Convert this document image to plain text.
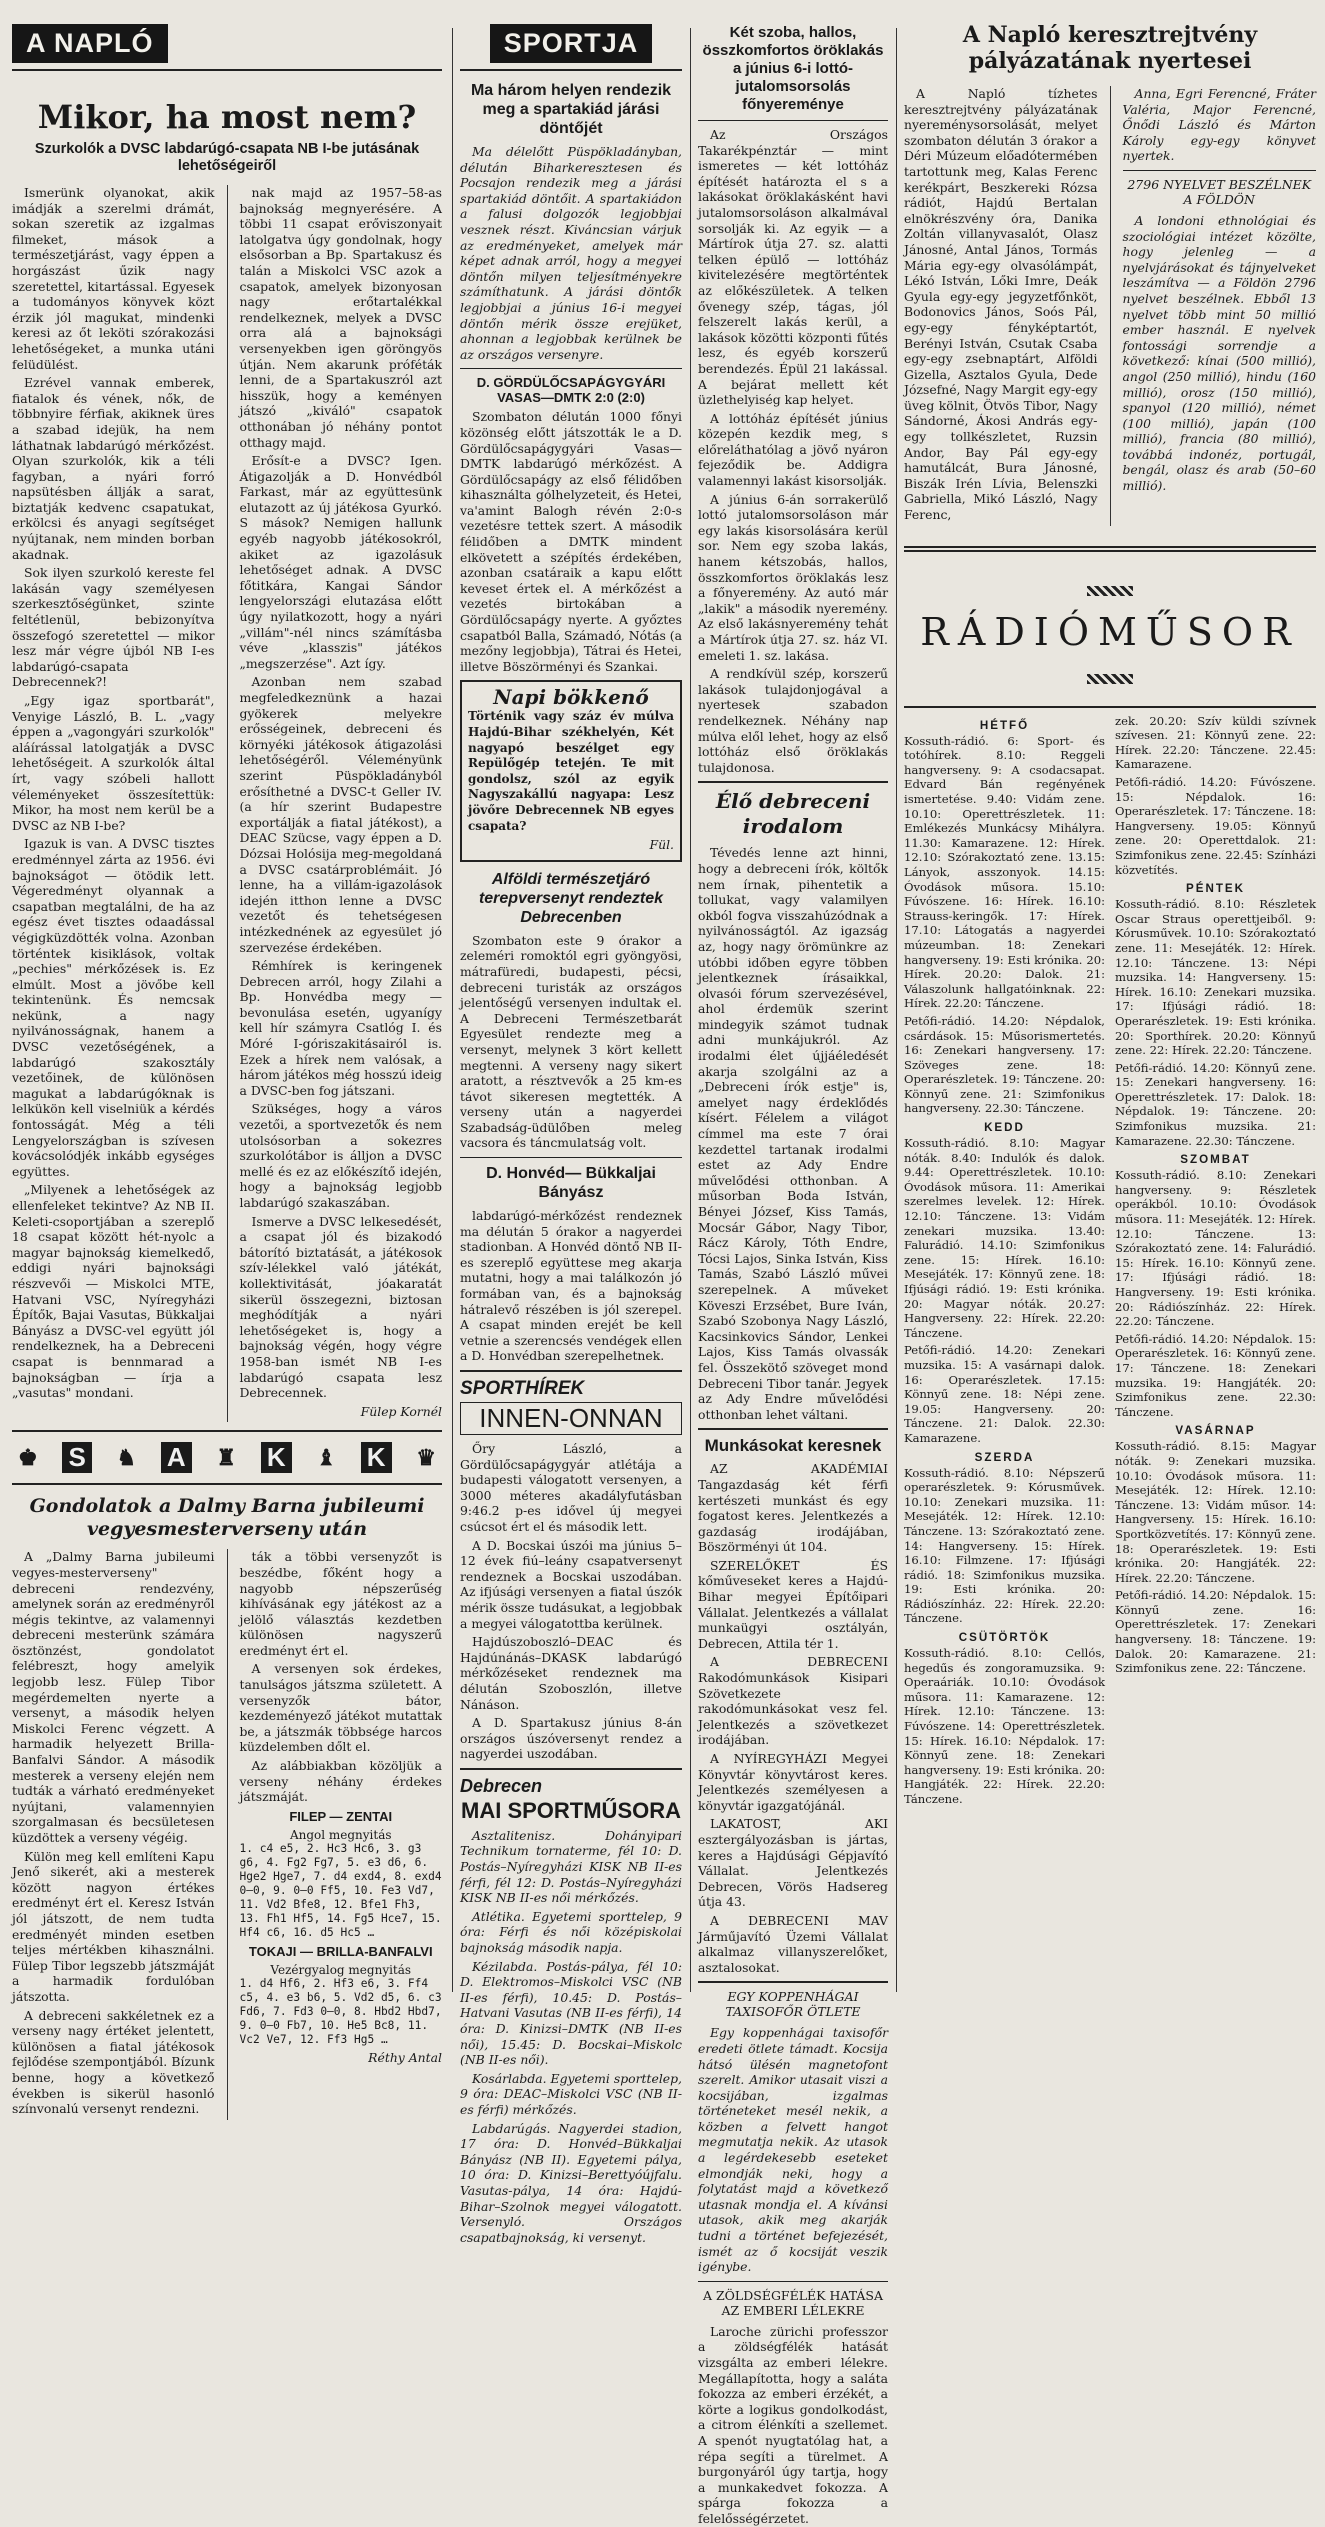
A NAPLÓ
Mikor, ha most nem?
Szurkolók a DVSC labdarúgó-csapata NB I-be jutásának lehetőségeiről

Ismerünk olyanokat, akik imádják a szerelmi drámát, sokan szeretik az izgalmas filmeket, mások a természetjárást, vagy éppen a horgászást űzik nagy szeretettel, kitartással. Egyesek a tudományos könyvek közt érzik jól magukat, mindenki keresi az őt leköti szórakozási lehetőségeket, a munka utáni felüdülést.

Ezrével vannak emberek, fiatalok és vének, nők, de többnyire férfiak, akiknek üres a szabad idejük, ha nem láthatnak labdarúgó mérkőzést. Olyan szurkolók, kik a téli fagyban, a nyári forró napsütésben állják a sarat, biztatják kedvenc csapatukat, erkölcsi és anyagi segítséget nyújtanak, nem minden borban akadnak.

Sok ilyen szurkoló kereste fel lakásán vagy személyesen szerkesztőségünket, szinte feltétlenül, bebizonyítva összefogó szeretettel — mikor lesz már végre újból NB I-es labdarúgó-csapata Debrecennek?!

„Egy igaz sportbarát", Venyige László, B. L. „vagy éppen a „vagongyári szurkolók" aláírással latolgatják a DVSC lehetőségeit. A szurkolók által írt, vagy szóbeli hallott véleményeket összesítettük: Mikor, ha most nem kerül be a DVSC az NB I-be?

Igazuk is van. A DVSC tisztes eredménnyel zárta az 1956. évi bajnokságot — ötödik lett. Végeredményt olyannak a csapatban megtalálni, de ha az egész évet tisztes odaadással végigküzdötték volna. Azonban történtek kisiklások, voltak „pechies" mérkőzések is. Ez elmúlt. Most a jövőbe kell tekintenünk. És nemcsak nekünk, a nagy nyilvánosságnak, hanem a DVSC vezetőségének, a labdarúgó szakosztály vezetőinek, de különösen magukat a labdarúgóknak is lelkükön kell viselniük a kérdés fontosságát. Még a téli Lengyelországban is szívesen kovácsolódjék inkább egységes együttes.

„Milyenek a lehetőségek az ellenfeleket tekintve? Az NB II. Keleti-csoportjában a szereplő 18 csapat között hét-nyolc a magyar bajnokság kiemelkedő, eddigi nyári bajnoksági részvevői — Miskolci MTE, Hatvani VSC, Nyíregyházi Építők, Bajai Vasutas, Bükkaljai Bányász a DVSC-vel együtt jól rendelkeznek, ha a Debreceni csapat is bennmarad a bajnokságban — írja a „vasutas" mondani.

nak majd az 1957–58-as bajnokság megnyerésére. A többi 11 csapat erőviszonyait latolgatva úgy gondolnak, hogy elsősorban a Bp. Spartakusz és talán a Miskolci VSC azok a csapatok, amelyek bizonyosan nagy erőtartalékkal rendelkeznek, melyek a DVSC orra alá a bajnoksági versenyekben igen göröngyös útján. Nem akarunk próféták lenni, de a Spartakuszról azt hisszük, hogy a keményen játszó „kiváló" csapatok otthonában jó néhány pontot otthagy majd.

Erősít-e a DVSC? Igen. Átigazolják a D. Honvédból Farkast, már az együttesünk elutazott az új játékosa Gyurkó. S mások? Nemigen hallunk egyéb nagyobb játékosokról, akiket az igazolásuk lehetőséget adnak. A DVSC főtitkára, Kangai Sándor lengyelországi elutazása előtt úgy nyilatkozott, hogy a nyári „villám"-nél nincs számításba véve „klasszis" játékos „megszerzése". Azt így.

Azonban nem szabad megfeledkeznünk a hazai gyökerek melyekre erősségeinek, debreceni és környéki játékosok átigazolási lehetőségéről. Véleményünk szerint Püspökladányból erősíthetné a DVSC-t Geller IV. (a hír szerint Budapestre exportálják a fiatal játékost), a DEAC Szücse, vagy éppen a D. Dózsai Holósija meg-megoldaná a DVSC csatárproblémáit. Jó lenne, ha a villám-igazolások idején itthon lenne a DVSC vezetőt és tehetségesen intézkednének az egyesület jó szervezése érdekében.

Rémhírek is keringenek Debrecen arról, hogy Zilahi a Bp. Honvédba megy — bevonulása esetén, ugyanígy kell hír számyra Csatlóg I. és Móré I-góriszakitásairól is. Ezek a hírek nem valósak, a három játékos még hosszú ideig a DVSC-ben fog játszani.

Szükséges, hogy a város vezetői, a sportvezetők és nem utolsósorban a sokezres szurkolótábor is álljon a DVSC mellé és ez az előkészítő idején, hogy a bajnokság legjobb labdarúgó szakaszában.

Ismerve a DVSC lelkesedését, a csapat jól és bizakodó bátorító biztatását, a játékosok szív-lélekkel való játékát, kollektivitását, jóakaratát sikerül összegezni, biztosan meghódítják a nyári lehetőségeket is, hogy a bajnokság végén, hogy végre 1958-ban ismét NB I-es labdarúgó csapata lesz Debrecennek.

Fülep Kornél

♚ S ♞ A ♜ K ♝ K ♛
Gondolatok a Dalmy Barna jubileumi vegyesmesterverseny után

A „Dalmy Barna jubileumi vegyes-mesterverseny" debreceni rendezvény, amelynek során az eredményről mégis tekintve, az valamennyi debreceni mesterünk számára ösztönzést, gondolatot felébreszt, hogy amelyik legjobb lesz. Fülep Tibor megérdemelten nyerte a versenyt, a második helyen Miskolci Ferenc végzett. A harmadik helyezett Brilla-Banfalvi Sándor. A második mesterek a verseny elején nem tudták a várható eredményeket nyújtani, valamennyien szorgalmasan és becsületesen küzdöttek a verseny végéig.

Külön meg kell említeni Kapu Jenő sikerét, aki a mesterek között nagyon értékes eredményt ért el. Keresz István jól játszott, de nem tudta eredményét minden esetben teljes mértékben kihasználni. Fülep Tibor legszebb játszmáját a harmadik fordulóban játszotta.

A debreceni sakkéletnek ez a verseny nagy értéket jelentett, különösen a fiatal játékosok fejlődése szempontjából. Bízunk benne, hogy a következő években is sikerül hasonló színvonalú versenyt rendezni.

ták a többi versenyzőt is beszédbe, főként hogy a nagyobb népszerűség kihívásának egy játékost az a jelölő választás kezdetben különösen nagyszerű eredményt ért el.

A versenyen sok érdekes, tanulságos játszma született. A versenyzők bátor, kezdeményező játékot mutattak be, a játszmák többsége harcos küzdelemben dőlt el.

Az alábbiakban közöljük a verseny néhány érdekes játszmáját.

FILEP — ZENTAI
Angol megnyitás

1. c4 e5, 2. Hc3 Hc6, 3. g3 g6, 4. Fg2 Fg7, 5. e3 d6, 6. Hge2 Hge7, 7. d4 exd4, 8. exd4 0–0, 9. 0–0 Ff5, 10. Fe3 Vd7, 11. Vd2 Bfe8, 12. Bfe1 Fh3, 13. Fh1 Hf5, 14. Fg5 Hce7, 15. Hf4 c6, 16. d5 Hc5 …

TOKAJI — BRILLA-BANFALVI
Vezérgyalog megnyitás

1. d4 Hf6, 2. Hf3 e6, 3. Ff4 c5, 4. e3 b6, 5. Vd2 d5, 6. c3 Fd6, 7. Fd3 0–0, 8. Hbd2 Hbd7, 9. 0–0 Fb7, 10. He5 Bc8, 11. Vc2 Ve7, 12. Ff3 Hg5 …

Réthy Antal

SPORTJA
Ma három helyen rendezik meg a spartakiád járási döntőjét

Ma délelőtt Püspökladányban, délután Biharkeresztesen és Pocsajon rendezik meg a járási spartakiád döntőit. A spartakiádon a falusi dolgozók legjobbjai vesznek részt. Kiváncsian várjuk az eredményeket, amelyek már képet adnak arról, hogy a megyei döntőn milyen teljesítményekre számíthatunk. A járási döntők legjobbjai a június 16-i megyei döntőn mérik össze erejüket, ahonnan a legjobbak kerülnek be az országos versenyre.

D. GÖRDÜLŐCSAPÁGYGYÁRI VASAS—DMTK 2:0 (2:0)

Szombaton délután 1000 főnyi közönség előtt játszották le a D. Gördülőcsapágygyári Vasas—DMTK labdarúgó mérkőzést. A Gördülőcsapágy az első félidőben kihasználta gólhelyzeteit, és Hetei, va'amint Balogh révén 2:0-s vezetésre tettek szert. A második félidőben a DMTK mindent elkövetett a szépítés érdekében, azonban csatáraik a kapu előtt keveset értek el. A mérkőzést a vezetés birtokában a Gördülőcsapágy nyerte. A győztes csapatból Balla, Számadó, Nótás (a mezőny legjobbja), Tátrai és Hetei, illetve Böszörményi és Szankai.

Napi bökkenő

Történik vagy száz év múlva Hajdú-Bihar székhelyén, Két nagyapó beszélget egy Repülőgép tetején. Te mit gondolsz, szól az egyik Nagyszakállú nagyapa: Lesz jövőre Debrecennek NB egyes csapata?

Fül.

Alföldi természetjáró terepversenyt rendeztek Debrecenben

Szombaton este 9 órakor a zeleméri romoktól egri gyöngyösi, mátrafüredi, budapesti, pécsi, debreceni turisták az országos jelentőségű versenyen indultak el. A Debreceni Természetbarát Egyesület rendezte meg a versenyt, melynek 3 kört kellett megtenni. A verseny nagy sikert aratott, a résztvevők a 25 km-es távot sikeresen megtették. A verseny után a nagyerdei Szabadság-üdülőben meleg vacsora és táncmulatság volt.

D. Honvéd— Bükkaljai Bányász

labdarúgó-mérkőzést rendeznek ma délután 5 órakor a nagyerdei stadionban. A Honvéd döntő NB II-es szereplő együttese meg akarja mutatni, hogy a mai találkozón jó formában van, és a bajnokság hátralevő részében is jól szerepel. A csapat minden erejét be kell vetnie a szerencsés vendégek ellen a D. Honvédban szerepelhetnek.

SPORTHÍREK
INNEN-ONNAN

Őry László, a Gördülőcsapágygyár atlétája a budapesti válogatott versenyen, a 3000 méteres akadályfutásban 9:46.2 p-es idővel új megyei csúcsot ért el és második lett.

A D. Bocskai úszói ma június 5–12 évek fiú–leány csapatversenyt rendeznek a Bocskai uszodában. Az ifjúsági versenyen a fiatal úszók mérik össze tudásukat, a legjobbak a megyei válogatottba kerülnek.

Hajdúszoboszló–DEAC és Hajdúnánás–DKASK labdarúgó mérkőzéseket rendeznek ma délután Szoboszlón, illetve Nánáson.

A D. Spartakusz június 8-án országos úszóversenyt rendez a nagyerdei uszodában.

Debrecen
MAI SPORTMŰSORA

Asztalitenisz. Dohányipari Technikum tornaterme, fél 10: D. Postás–Nyíregyházi KISK NB II-es férfi, fél 12: D. Postás–Nyíregyházi KISK NB II-es női mérkőzés.

Atlétika. Egyetemi sporttelep, 9 óra: Férfi és női középiskolai bajnokság második napja.

Kézilabda. Postás-pálya, fél 10: D. Elektromos–Miskolci VSC (NB II-es férfi), 10.45: D. Postás–Hatvani Vasutas (NB II-es férfi), 14 óra: D. Kinizsi–DMTK (NB II-es női), 15.45: D. Bocskai–Miskolc (NB II-es női).

Kosárlabda. Egyetemi sporttelep, 9 óra: DEAC–Miskolci VSC (NB II-es férfi) mérkőzés.

Labdarúgás. Nagyerdei stadion, 17 óra: D. Honvéd–Bükkaljai Bányász (NB II). Egyetemi pálya, 10 óra: D. Kinizsi–Berettyóújfalu. Vasutas-pálya, 14 óra: Hajdú-Bihar–Szolnok megyei válogatott. Versenyló. Országos csapatbajnokság, ki versenyt.

Két szoba, hallos, összkomfortos öröklakás a június 6-i lottó-jutalomsorsolás főnyereménye

Az Országos Takarékpénztár — mint ismeretes — két lottóház építését határozta el s a lakásokat öröklakásként havi jutalomsorsoláson alkalmával sorsolják ki. Az egyik — a Mártírok útja 27. sz. alatti telken épülő — lottóház kivitelezésére megtörténtek az előkészületek. A telken ővenegy szép, tágas, jól felszerelt lakás kerül, a lakások közötti központi fűtés lesz, és egyéb korszerű berendezés. Épül 21 lakással. A bejárat mellett két üzlethelyiség kap helyet.

A lottóház építését június közepén kezdik meg, s előreláthatólag a jövő nyáron fejeződik be. Addigra valamennyi lakást kisorsolják.

A június 6-án sorrakerülő lottó jutalomsorsoláson már egy lakás kisorsolására kerül sor. Nem egy szoba lakás, hanem kétszobás, hallos, összkomfortos öröklakás lesz a főnyeremény. Az autó már „lakik" a második nyeremény. Az első lakásnyeremény tehát a Mártírok útja 27. sz. ház VI. emeleti 1. sz. lakása.

A rendkívül szép, korszerű lakások tulajdonjogával a nyertesek szabadon rendelkeznek. Néhány nap múlva elől lehet, hogy az első lottóház első öröklakás tulajdonosa.

Élő debreceni irodalom

Tévedés lenne azt hinni, hogy a debreceni írók, költők nem írnak, pihentetik a tollukat, vagy valamilyen okból fogva visszahúzódnak a nyilvánosságtól. Az igazság az, hogy nagy örömünkre az utóbbi időben egyre többen jelentkeznek írásaikkal, olvasói fórum szervezésével, ahol érdemük szerint mindegyik számot tudnak adni munkájukról. Az irodalmi élet újjáéledését akarja szolgálni az a „Debreceni írók estje" is, amelyet nagy érdeklődés kísért. Félelem a világot címmel ma este 7 órai kezdettel tartanak irodalmi estet az Ady Endre művelődési otthonban. A műsorban Boda István, Bényei József, Kiss Tamás, Mocsár Gábor, Nagy Tibor, Rácz Károly, Tóth Endre, Tócsi Lajos, Sinka István, Kiss Tamás, Szabó László művei szerepelnek. A műveket Köveszi Erzsébet, Bure Iván, Szabó Szobonya Nagy László, Kacsinkovics Sándor, Lenkei Lajos, Kiss Tamás olvassák fel. Összekötő szöveget mond Debreceni Tibor tanár. Jegyek az Ady Endre művelődési otthonban lehet váltani.

Munkásokat keresnek

AZ AKADÉMIAI Tangazdaság két férfi kertészeti munkást és egy fogatost keres. Jelentkezés a gazdaság irodájában, Böszörményi út 104.

SZERELŐKET ÉS kőműveseket keres a Hajdú-Bihar megyei Építőipari Vállalat. Jelentkezés a vállalat munkaügyi osztályán, Debrecen, Attila tér 1.

A DEBRECENI Rakodómunkások Kisipari Szövetkezete rakodómunkásokat vesz fel. Jelentkezés a szövetkezet irodájában.

A NYÍREGYHÁZI Megyei Könyvtár könyvtárost keres. Jelentkezés személyesen a könyvtár igazgatójánál.

LAKATOST, AKI esztergályozásban is jártas, keres a Hajdúsági Gépjavító Vállalat. Jelentkezés Debrecen, Vörös Hadsereg útja 43.

A DEBRECENI MAV Járműjavító Üzemi Vállalat alkalmaz villanyszerelőket, asztalosokat.

EGY KOPPENHÁGAI TAXISOFŐR ÖTLETE

Egy koppenhágai taxisofőr eredeti ötlete támadt. Kocsija hátsó ülésén magnetofont szerelt. Amikor utasait viszi a kocsijában, izgalmas történeteket mesél nekik, a közben a felvett hangot megmutatja nekik. Az utasok a legérdekesebb eseteket elmondják neki, hogy a folytatást majd a következő utasnak mondja el. A kívánsi utasok, akik meg akarják tudni a történet befejezését, ismét az ő kocsiját veszik igénybe.

A ZÖLDSÉGFÉLÉK HATÁSA AZ EMBERI LÉLEKRE

Laroche zürichi professzor a zöldségfélék hatását vizsgálta az emberi lélekre. Megállapította, hogy a saláta fokozza az emberi érzékét, a körte a logikus gondolkodást, a citrom élénkíti a szellemet. A spenót nyugtatólag hat, a répa segíti a türelmet. A burgonyáról úgy tartja, hogy a munkakedvet fokozza. A spárga fokozza a felelősségérzetet.

A Napló keresztrejtvény pályázatának nyertesei

A Napló tízhetes keresztrejtvény pályázatának nyereménysorsolását, melyet szombaton délután 3 órakor a Déri Múzeum előadótermében tartottunk meg, Kalas Ferenc kerékpárt, Beszkereki Rózsa rádiót, Hajdú Bertalan elnökrészvény óra, Danika Zoltán villanyvasalót, Olasz Jánosné, Antal János, Tormás Mária egy-egy olvasólámpát, Lékó István, Lőki Imre, Deák Gyula egy-egy jegyzetfőnköt, Bodonovics János, Soós Pál, egy-egy fényképtartót, Berényi István, Csutak Csaba egy-egy zsebnaptárt, Alföldi Gizella, Asztalos Gyula, Dede Józsefné, Nagy Margit egy-egy üveg kölnit, Ötvös Tibor, Nagy Sándorné, Ákosi András egy-egy tollkészletet, Ruzsin Andor, Bay Pál egy-egy hamutálcát, Bura Jánosné, Biszák Irén Lívia, Belenszki Gabriella, Mikó László, Nagy Ferenc,

Anna, Egri Ferencné, Fráter Valéria, Major Ferencné, Őnődi László és Márton Károly egy-egy könyvet nyertek.

2796 NYELVET BESZÉLNEK A FÖLDÖN

A londoni ethnológiai és szociológiai intézet közölte, hogy jelenleg — a nyelvjárásokat és tájnyelveket leszámítva — a Földön 2796 nyelvet beszélnek. Ebből 13 nyelvet több mint 50 millió ember használ. E nyelvek fontossági sorrendje a következő: kínai (500 millió), angol (250 millió), hindu (160 millió), orosz (150 millió), spanyol (120 millió), német (100 millió), japán (100 millió), francia (80 millió), továbbá indonéz, portugál, bengál, olasz és arab (50–60 millió).

RÁDIÓMŰSOR
HÉTFŐ

Kossuth-rádió. 6: Sport- és totóhírek. 8.10: Reggeli hangverseny. 9: A csodacsapat. Edvard Bán regényének ismertetése. 9.40: Vidám zene. 10.10: Operettrészletek. 11: Emlékezés Munkácsy Mihályra. 11.30: Kamarazene. 12: Hírek. 12.10: Szórakoztató zene. 13.15: Lányok, asszonyok. 14.15: Óvodások műsora. 15.10: Fúvószene. 16: Hírek. 16.10: Strauss-keringők. 17: Hírek. 17.10: Látogatás a nagyerdei múzeumban. 18: Zenekari hangverseny. 19: Esti krónika. 20: Hírek. 20.20: Dalok. 21: Válaszolunk hallgatóinknak. 22: Hírek. 22.20: Tánczene.

Petőfi-rádió. 14.20: Népdalok, csárdások. 15: Műsorismertetés. 16: Zenekari hangverseny. 17: Szöveges zene. 18: Operarészletek. 19: Tánczene. 20: Könnyű zene. 21: Szimfonikus hangverseny. 22.30: Tánczene.

KEDD

Kossuth-rádió. 8.10: Magyar nóták. 8.40: Indulók és dalok. 9.44: Operettrészletek. 10.10: Óvodások műsora. 11: Amerikai szerelmes levelek. 12: Hírek. 12.10: Tánczene. 13: Vidám zenekari muzsika. 13.40: Falurádió. 14.10: Szimfonikus zene. 15: Hírek. 16.10: Mesejáték. 17: Könnyű zene. 18: Ifjúsági rádió. 19: Esti krónika. 20: Magyar nóták. 20.27: Hangverseny. 22: Hírek. 22.20: Tánczene.

Petőfi-rádió. 14.20: Zenekari muzsika. 15: A vasárnapi dalok. 16: Operarészletek. 17.15: Könnyű zene. 18: Népi zene. 19.05: Hangverseny. 20: Tánczene. 21: Dalok. 22.30: Kamarazene.

SZERDA

Kossuth-rádió. 8.10: Népszerű operarészletek. 9: Kórusművek. 10.10: Zenekari muzsika. 11: Mesejáték. 12: Hírek. 12.10: Tánczene. 13: Szórakoztató zene. 14: Hangverseny. 15: Hírek. 16.10: Filmzene. 17: Ifjúsági rádió. 18: Szimfonikus muzsika. 19: Esti krónika. 20: Rádiószínház. 22: Hírek. 22.20: Tánczene.

CSÜTÖRTÖK

Kossuth-rádió. 8.10: Cellós, hegedűs és zongoramuzsika. 9: Operaáriák. 10.10: Óvodások műsora. 11: Kamarazene. 12: Hírek. 12.10: Tánczene. 13: Fúvószene. 14: Operettrészletek. 15: Hírek. 16.10: Népdalok. 17: Könnyű zene. 18: Zenekari hangverseny. 19: Esti krónika. 20: Hangjáték. 22: Hírek. 22.20: Tánczene.

zek. 20.20: Szív küldi szívnek szívesen. 21: Könnyű zene. 22: Hírek. 22.20: Tánczene. 22.45: Kamarazene.

Petőfi-rádió. 14.20: Fúvószene. 15: Népdalok. 16: Operarészletek. 17: Tánczene. 18: Hangverseny. 19.05: Könnyű zene. 20: Operettdalok. 21: Szimfonikus zene. 22.45: Színházi közvetítés.

PÉNTEK

Kossuth-rádió. 8.10: Részletek Oscar Straus operettjeiből. 9: Kórusművek. 10.10: Szórakoztató zene. 11: Mesejáték. 12: Hírek. 12.10: Tánczene. 13: Népi muzsika. 14: Hangverseny. 15: Hírek. 16.10: Zenekari muzsika. 17: Ifjúsági rádió. 18: Operarészletek. 19: Esti krónika. 20: Sporthírek. 20.20: Könnyű zene. 22: Hírek. 22.20: Tánczene.

Petőfi-rádió. 14.20: Könnyű zene. 15: Zenekari hangverseny. 16: Operettrészletek. 17: Dalok. 18: Népdalok. 19: Tánczene. 20: Szimfonikus muzsika. 21: Kamarazene. 22.30: Tánczene.

SZOMBAT

Kossuth-rádió. 8.10: Zenekari hangverseny. 9: Részletek operákból. 10.10: Óvodások műsora. 11: Mesejáték. 12: Hírek. 12.10: Tánczene. 13: Szórakoztató zene. 14: Falurádió. 15: Hírek. 16.10: Könnyű zene. 17: Ifjúsági rádió. 18: Hangverseny. 19: Esti krónika. 20: Rádiószínház. 22: Hírek. 22.20: Tánczene.

Petőfi-rádió. 14.20: Népdalok. 15: Operarészletek. 16: Könnyű zene. 17: Tánczene. 18: Zenekari muzsika. 19: Hangjáték. 20: Szimfonikus zene. 22.30: Tánczene.

VASÁRNAP

Kossuth-rádió. 8.15: Magyar nóták. 9: Zenekari muzsika. 10.10: Óvodások műsora. 11: Mesejáték. 12: Hírek. 12.10: Tánczene. 13: Vidám műsor. 14: Hangverseny. 15: Hírek. 16.10: Sportközvetítés. 17: Könnyű zene. 18: Operarészletek. 19: Esti krónika. 20: Hangjáték. 22: Hírek. 22.20: Tánczene.

Petőfi-rádió. 14.20: Népdalok. 15: Könnyű zene. 16: Operettrészletek. 17: Zenekari hangverseny. 18: Tánczene. 19: Dalok. 20: Kamarazene. 21: Szimfonikus zene. 22: Tánczene.
